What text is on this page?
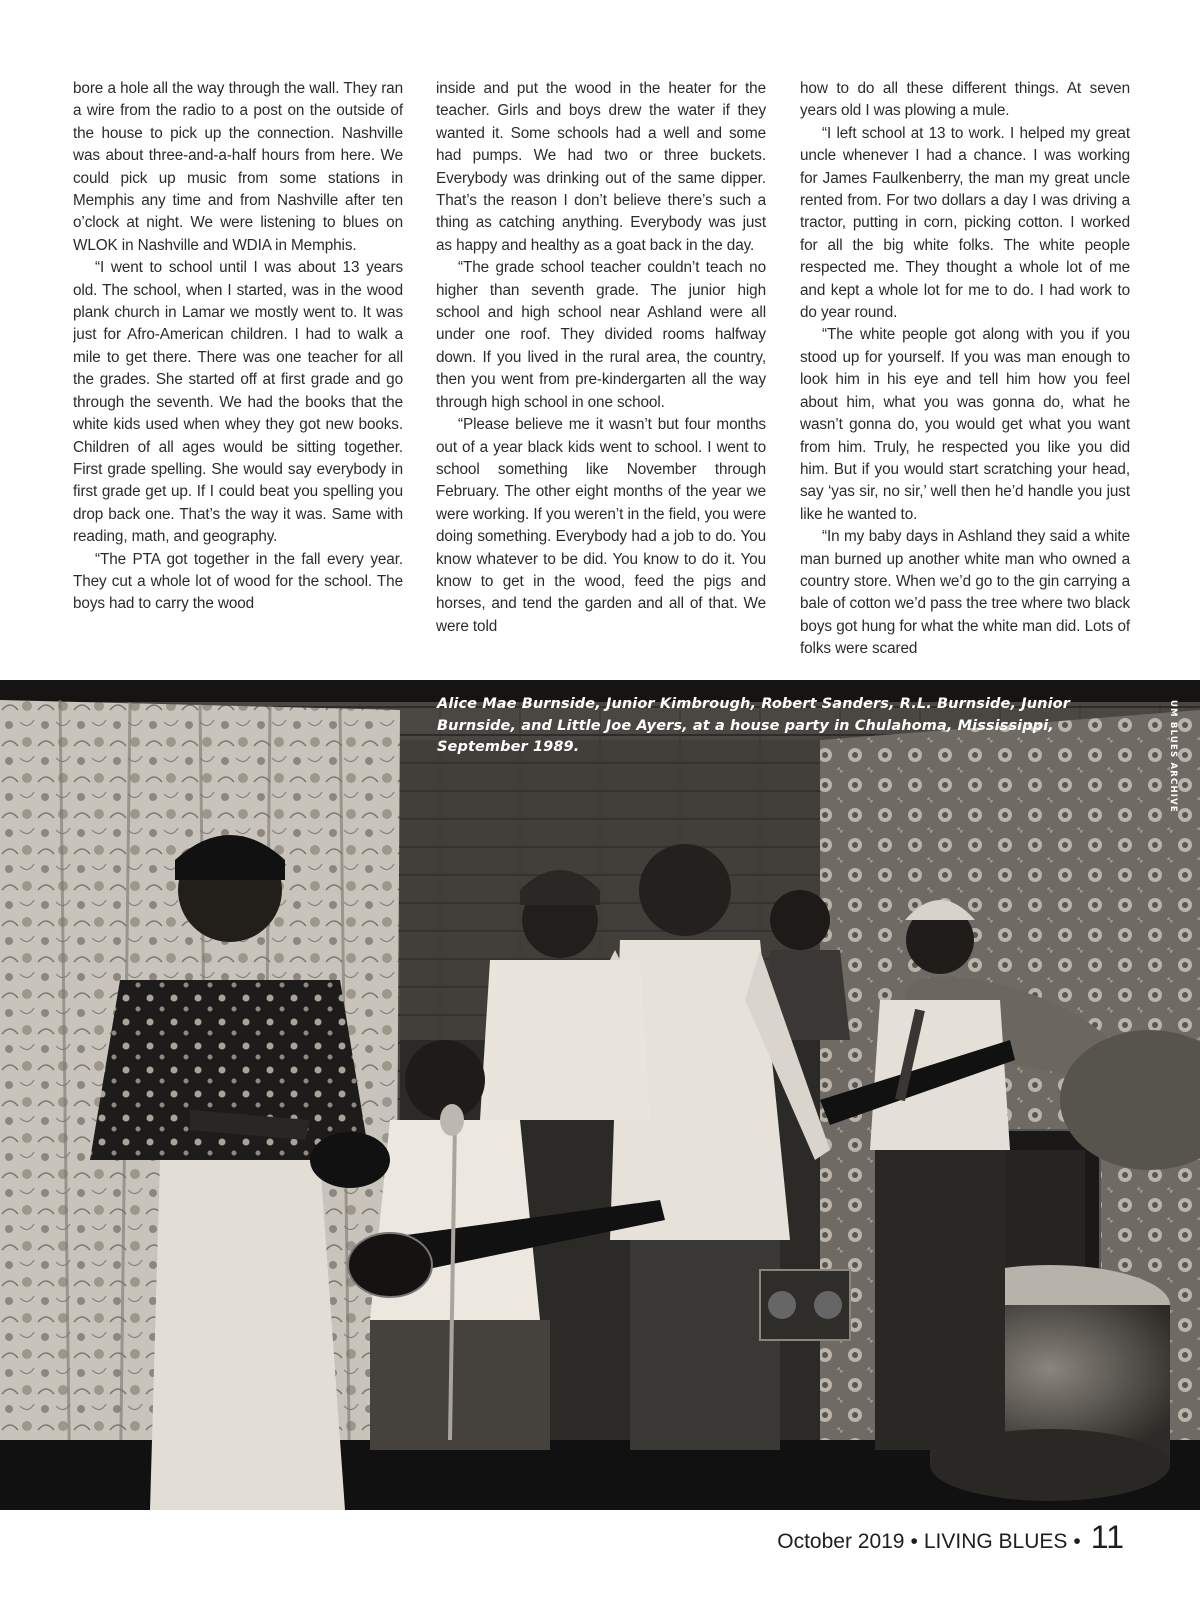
bore a hole all the way through the wall. They ran a wire from the radio to a post on the outside of the house to pick up the connection. Nashville was about three-and-a-half hours from here. We could pick up music from some stations in Memphis any time and from Nashville after ten o’clock at night. We were listening to blues on WLOK in Nashville and WDIA in Memphis.

“I went to school until I was about 13 years old. The school, when I started, was in the wood plank church in Lamar we mostly went to. It was just for Afro-American children. I had to walk a mile to get there. There was one teacher for all the grades. She started off at first grade and go through the seventh. We had the books that the white kids used when whey they got new books. Children of all ages would be sitting together. First grade spelling. She would say everybody in first grade get up. If I could beat you spelling you drop back one. That’s the way it was. Same with reading, math, and geography.

“The PTA got together in the fall every year. They cut a whole lot of wood for the school. The boys had to carry the wood

inside and put the wood in the heater for the teacher. Girls and boys drew the water if they wanted it. Some schools had a well and some had pumps. We had two or three buckets. Everybody was drinking out of the same dipper. That’s the reason I don’t believe there’s such a thing as catching anything. Everybody was just as happy and healthy as a goat back in the day.

“The grade school teacher couldn’t teach no higher than seventh grade. The junior high school and high school near Ashland were all under one roof. They divided rooms halfway down. If you lived in the rural area, the country, then you went from pre-kindergarten all the way through high school in one school.

“Please believe me it wasn’t but four months out of a year black kids went to school. I went to school something like November through February. The other eight months of the year we were working. If you weren’t in the field, you were doing something. Everybody had a job to do. You know whatever to be did. You know to do it. You know to get in the wood, feed the pigs and horses, and tend the garden and all of that. We were told

how to do all these different things. At seven years old I was plowing a mule.

“I left school at 13 to work. I helped my great uncle whenever I had a chance. I was working for James Faulkenberry, the man my great uncle rented from. For two dollars a day I was driving a tractor, putting in corn, picking cotton. I worked for all the big white folks. The white people respected me. They thought a whole lot of me and kept a whole lot for me to do. I had work to do year round.

“The white people got along with you if you stood up for yourself. If you was man enough to look him in his eye and tell him how you feel about him, what you was gonna do, what he wasn’t gonna do, you would get what you want from him. Truly, he respected you like you did him. But if you would start scratching your head, say ‘yas sir, no sir,’ well then he’d handle you just like he wanted to.

“In my baby days in Ashland they said a white man burned up another white man who owned a country store. When we’d go to the gin carrying a bale of cotton we’d pass the tree where two black boys got hung for what the white man did. Lots of folks were scared

Alice Mae Burnside, Junior Kimbrough, Robert Sanders, R.L. Burnside, Junior Burnside, and Little Joe Ayers, at a house party in Chulahoma, Mississippi, September 1989.	UM BLUES ARCHIVE
October 2019 • LIVING BLUES • 11
